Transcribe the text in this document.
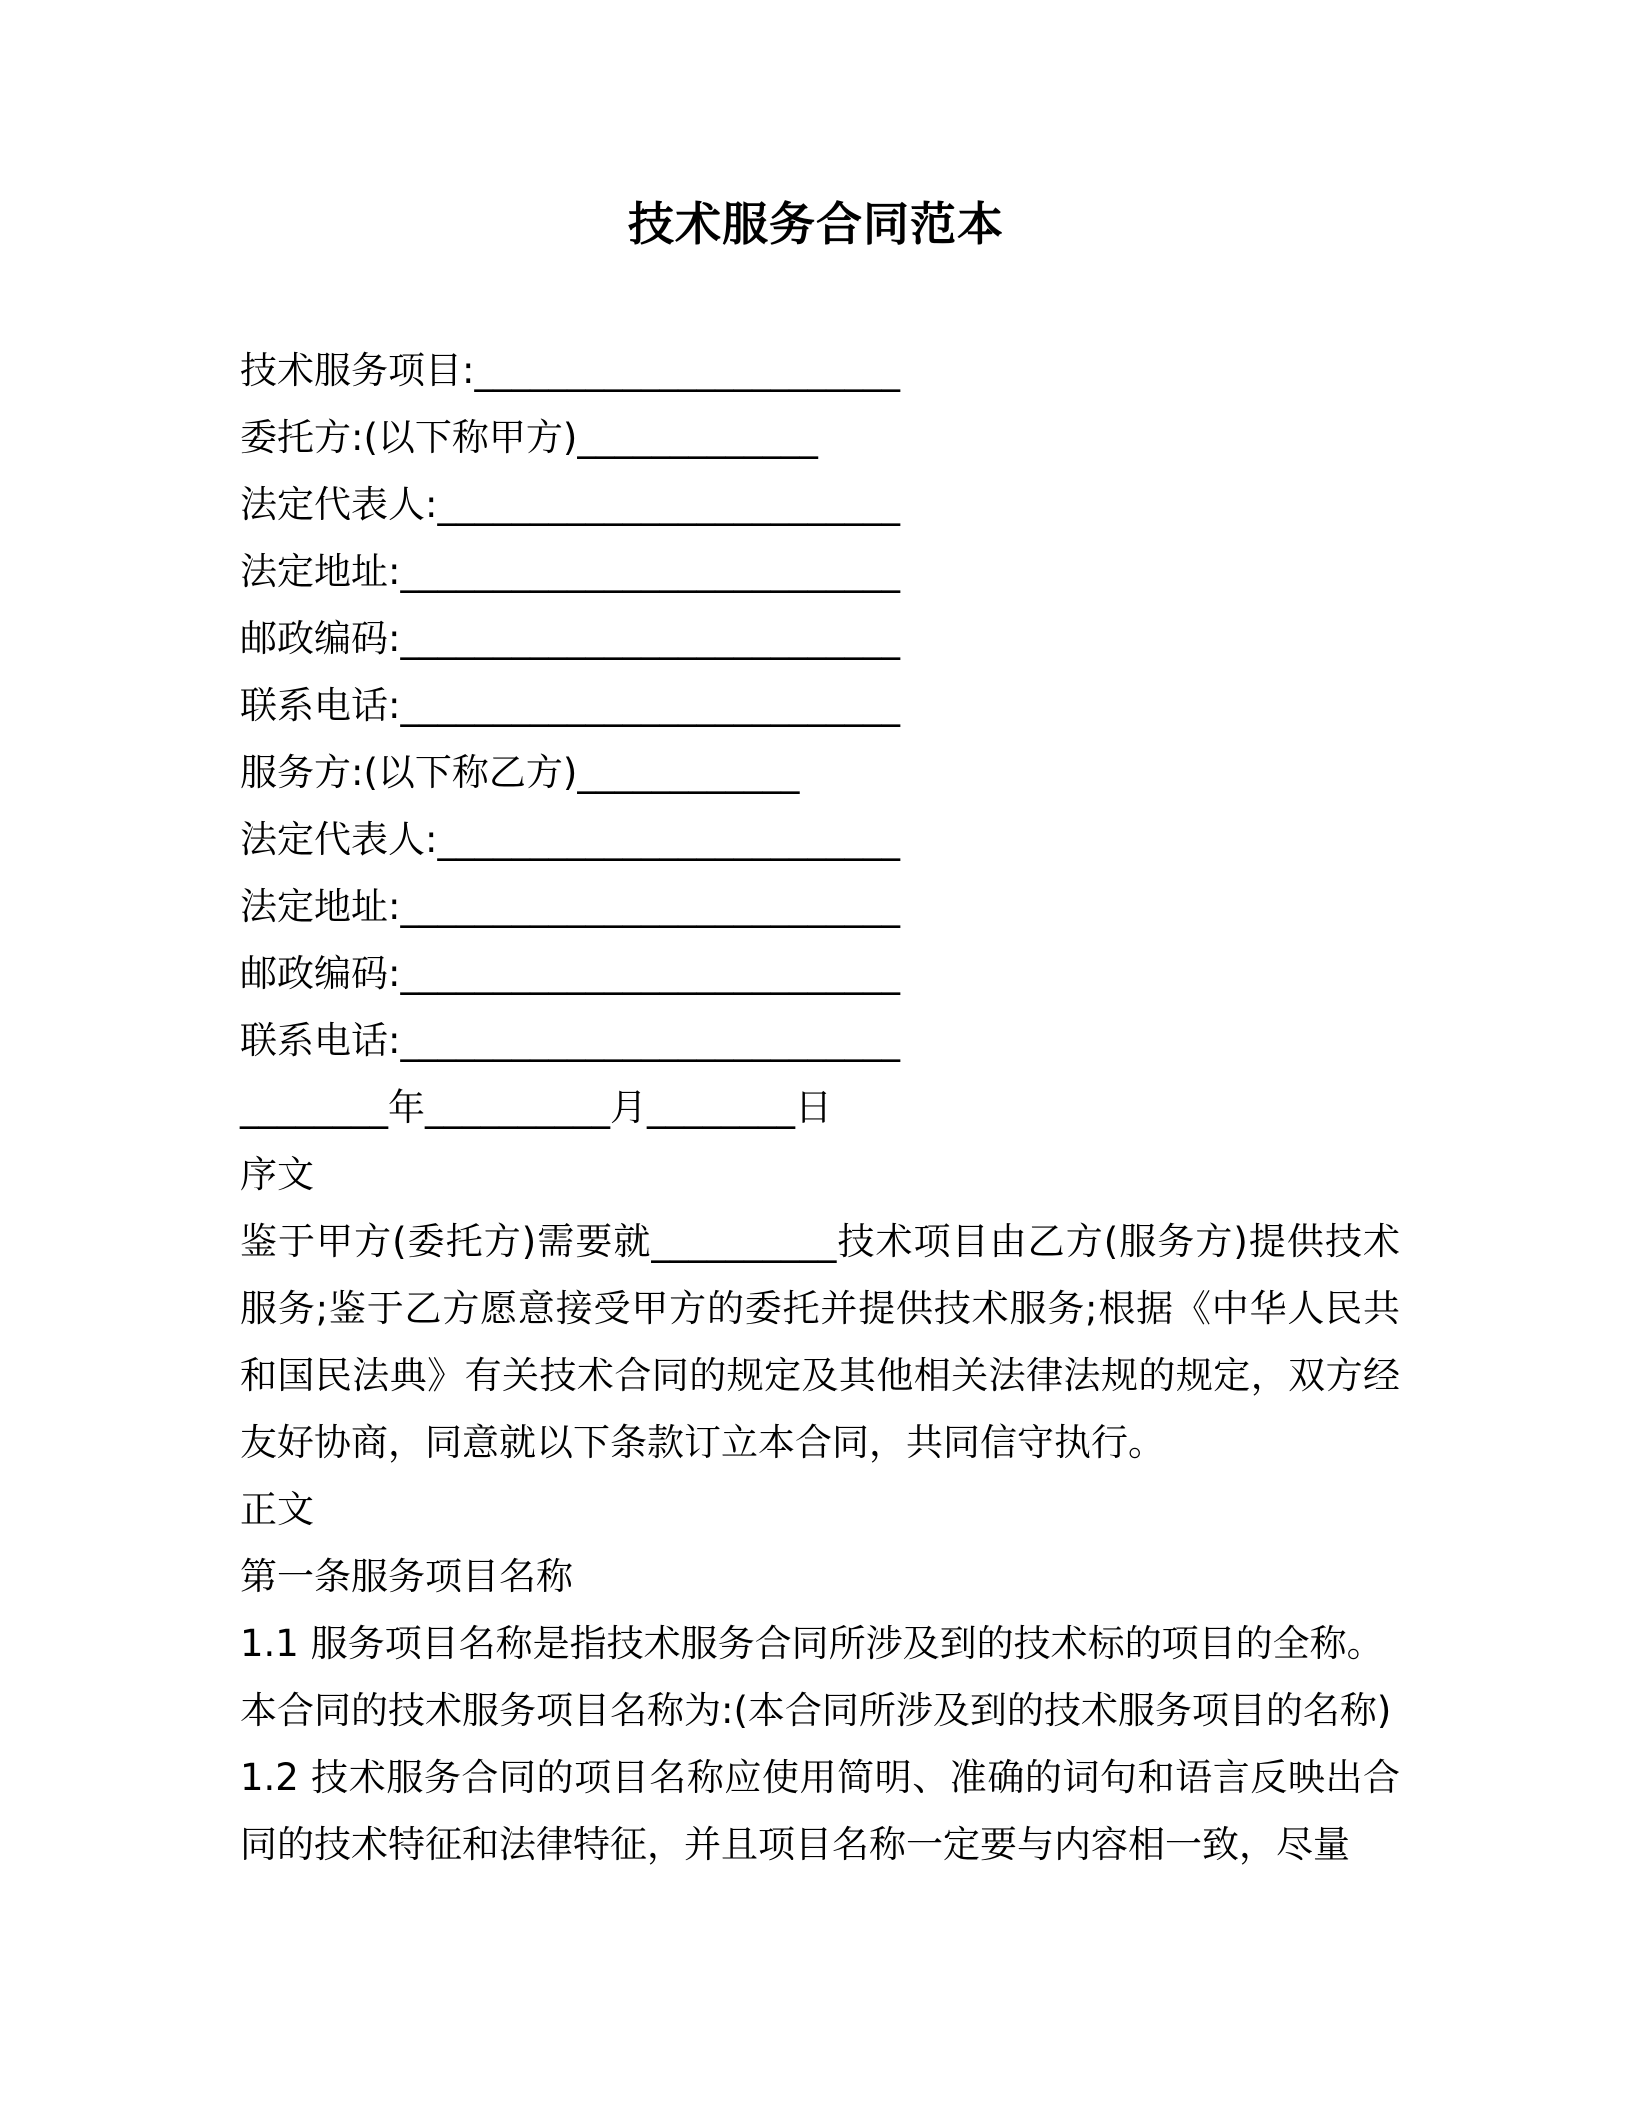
技术服务合同范本
技术服务项目:_______________________
委托方:(以下称甲方)_____________
法定代表人:_________________________
法定地址:___________________________
邮政编码:___________________________
联系电话:___________________________
服务方:(以下称乙方)____________
法定代表人:_________________________
法定地址:___________________________
邮政编码:___________________________
联系电话:___________________________
________年__________月________日
序文
鉴于甲方(委托方)需要就__________技术项目由乙方(服务方)提供技术服务;鉴于乙方愿意接受甲方的委托并提供技术服务;根据《中华人民共和国民法典》有关技术合同的规定及其他相关法律法规的规定，双方经友好协商，同意就以下条款订立本合同，共同信守执行。
正文
第一条服务项目名称
1.1 服务项目名称是指技术服务合同所涉及到的技术标的项目的全称。
本合同的技术服务项目名称为:(本合同所涉及到的技术服务项目的名称)
1.2 技术服务合同的项目名称应使用简明、准确的词句和语言反映出合同的技术特征和法律特征，并且项目名称一定要与内容相一致，尽量
